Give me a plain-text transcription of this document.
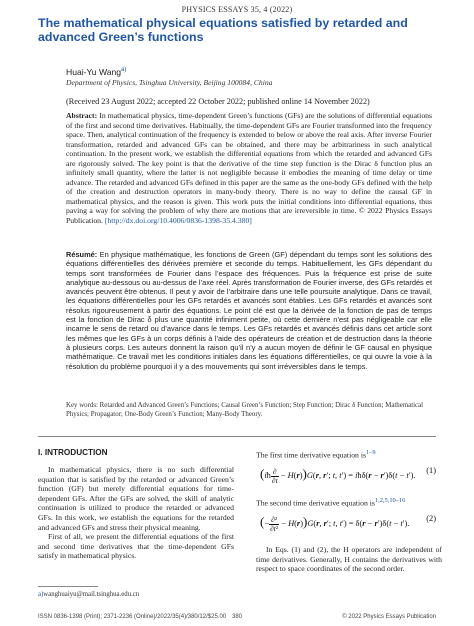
PHYSICS ESSAYS 35, 4 (2022)
The mathematical physical equations satisfied by retarded and advanced Green’s functions
Huai-Yu Wang$^{a)}$
Department of Physics, Tsinghua University, Beijing 100084, China
(Received 23 August 2022; accepted 22 October 2022; published online 14 November 2022)

Abstract: In mathematical physics, time-dependent Green’s functions (GFs) are the solutions of differential equations of the first and second time derivatives. Habitually, the time-dependent GFs are Fourier transformed into the frequency space. Then, analytical continuation of the frequency is extended to below or above the real axis. After inverse Fourier transformation, retarded and advanced GFs can be obtained, and there may be arbitrariness in such analytical continuation. In the present work, we establish the differential equations from which the retarded and advanced GFs are rigorously solved. The key point is that the derivative of the time step function is the Dirac δ function plus an infinitely small quantity, where the latter is not negligible because it embodies the meaning of time delay or time advance. The retarded and advanced GFs defined in this paper are the same as the one-body GFs defined with the help of the creation and destruction operators in many-body theory. There is no way to define the causal GF in mathematical physics, and the reason is given. This work puts the initial conditions into differential equations, thus paving a way for solving the problem of why there are motions that are irreversible in time. © 2022 Physics Essays Publication. [http://dx.doi.org/10.4006/0836-1398-35.4.380]

Résumé: En physique mathématique, les fonctions de Green (GF) dépendant du temps sont les solutions des équations différentielles des dérivées première et seconde du temps. Habituellement, les GFs dépendant du temps sont transformées de Fourier dans l’espace des fréquences. Puis la fréquence est prise de suite analytique au-dessous ou au-dessus de l’axe réel. Après transformation de Fourier inverse, des GFs retardés et avancés peuvent être obtenus. Il peut y avoir de l’arbitraire dans une telle poursuite analytique. Dans ce travail, les équations différentielles pour les GFs retardés et avancés sont établies. Les GFs retardés et avancés sont résolus rigoureusement à partir des équations. Le point clé est que la dérivée de la fonction de pas de temps est la fonction de Dirac δ plus une quantité infiniment petite, où cette dernière n’est pas négligeable car elle incarne le sens de retard ou d’avance dans le temps. Les GFs retardés et avancés définis dans cet article sont les mêmes que les GFs à un corps définis à l’aide des opérateurs de création et de destruction dans la théorie à plusieurs corps. Les auteurs donnent la raison qu’il n’y a aucun moyen de définir le GF causal en physique mathématique. Ce travail met les conditions initiales dans les équations différentielles, ce qui ouvre la voie à la résolution du problème pourquoi il y a des mouvements qui sont irréversibles dans le temps.

Key words: Retarded and Advanced Green’s Functions; Causal Green’s Function; Step Function; Dirac δ Function; Mathematical Physics; Propagator; One-Body Green’s Function; Many-Body Theory.

I. INTRODUCTION

In mathematical physics, there is no such differential equation that is satisfied by the retarded or advanced Green’s function (GF) but merely differential equations for time-dependent GFs. After the GFs are solved, the skill of analytic continuation is utilized to produce the retarded or advanced GFs. In this work, we establish the equations for the retarded and advanced GFs and stress their physical meaning.

First of all, we present the differential equations of the first and second time derivatives that the time-dependent GFs satisfy in mathematical physics.

The first time derivative equation is$^{1-9}$

(iħ $\frac{\partial}{\partial t} - H(r))G(r$, r′; t, t′) = iħδ(r − r′)δ(t − t′).
(1)

The second time derivative equation is$^{1,2,5,10-16}$

(− $\frac{\text{∂²}}{\text{∂t²}} - H(r))G(r$, r′; t, t′) = δ(r − r′)δ(t − t′).
(2)

In Eqs. (1) and (2), the H operators are independent of time derivatives. Generally, H contains the derivatives with respect to space coordinates of the second order.

a)wanghuaiyu@mail.tsinghua.edu.cn
ISSN 0836-1398 (Print); 2371-2236 (Online)/2022/35(4)/380/12/$25.00 380	© 2022 Physics Essays Publication
